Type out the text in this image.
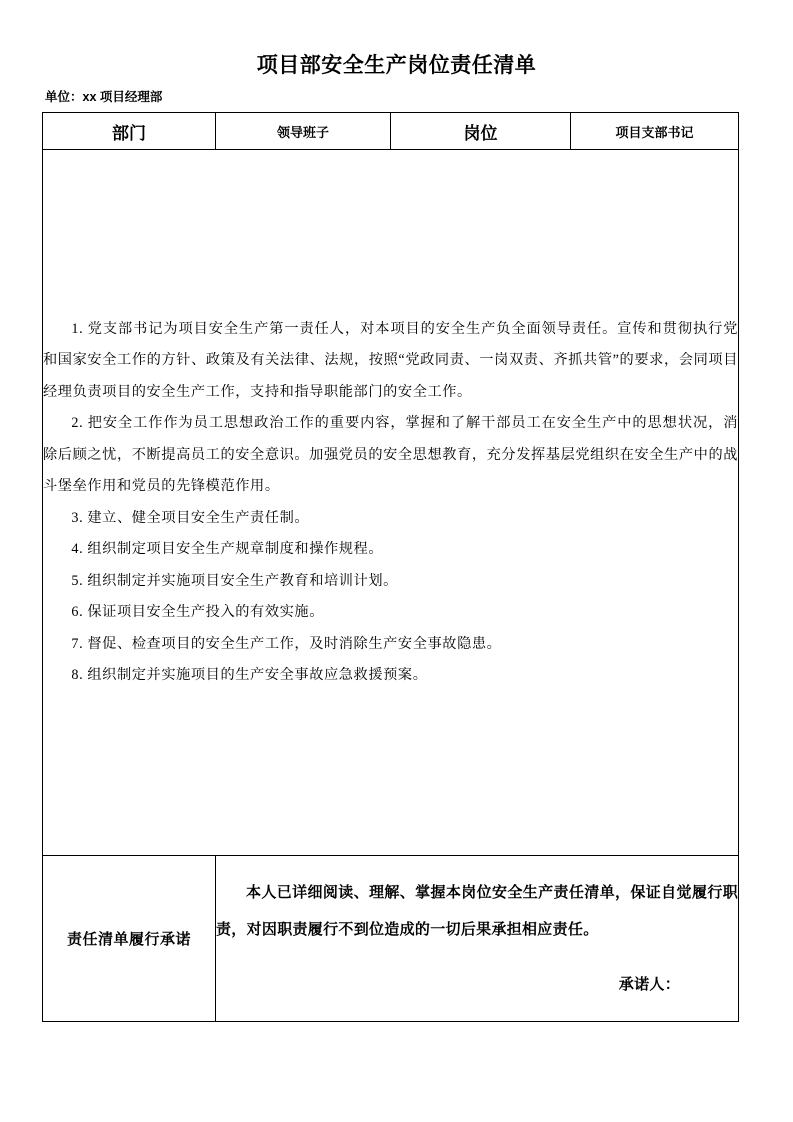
项目部安全生产岗位责任清单
单位：xx 项目经理部
部门	领导班子	岗位	项目支部书记

1. 党支部书记为项目安全生产第一责任人，对本项目的安全生产负全面领导责任。宣传和贯彻执行党和国家安全工作的方针、政策及有关法律、法规，按照“党政同责、一岗双责、齐抓共管”的要求，会同项目经理负责项目的安全生产工作，支持和指导职能部门的安全工作。
2. 把安全工作作为员工思想政治工作的重要内容，掌握和了解干部员工在安全生产中的思想状况，消除后顾之忧，不断提高员工的安全意识。加强党员的安全思想教育，充分发挥基层党组织在安全生产中的战斗堡垒作用和党员的先锋模范作用。
3. 建立、健全项目安全生产责任制。
4. 组织制定项目安全生产规章制度和操作规程。
5. 组织制定并实施项目安全生产教育和培训计划。
6. 保证项目安全生产投入的有效实施。
7. 督促、检查项目的安全生产工作，及时消除生产安全事故隐患。
8. 组织制定并实施项目的生产安全事故应急救援预案。

责任清单履行承诺	本人已详细阅读、理解、掌握本岗位安全生产责任清单，保证自觉履行职责，对因职责履行不到位造成的一切后果承担相应责任。

承诺人：		
